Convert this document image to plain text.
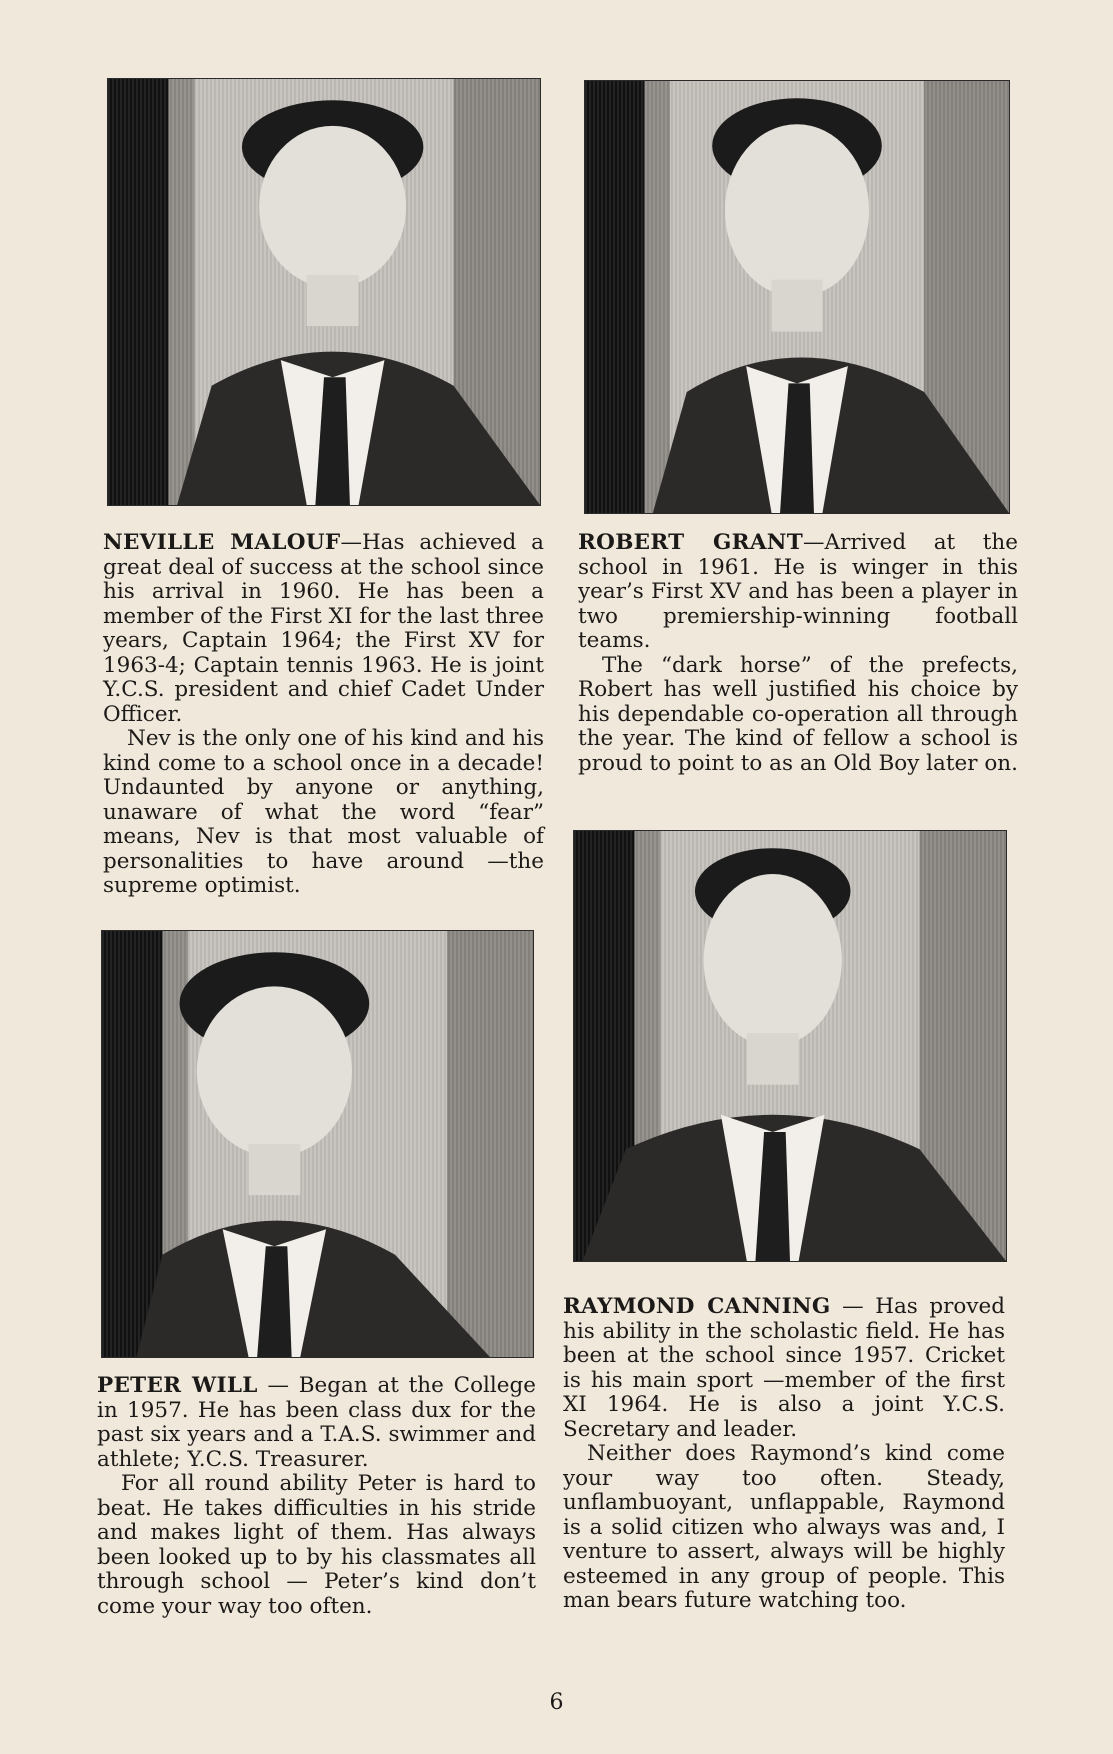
NEVILLE MALOUF—Has achieved a great deal of success at the school since his arrival in 1960. He has been a member of the First XI for the last three years, Captain 1964; the First XV for 1963-4; Captain tennis 1963. He is joint Y.C.S. president and chief Cadet Under Officer.

Nev is the only one of his kind and his kind come to a school once in a decade! Undaunted by anyone or anything, unaware of what the word “fear” means, Nev is that most valuable of personalities to have around —the supreme optimist.

ROBERT GRANT—Arrived at the school in 1961. He is winger in this year’s First XV and has been a player in two premiership-winning football teams.

The “dark horse” of the prefects, Robert has well justified his choice by his dependable co-operation all through the year. The kind of fellow a school is proud to point to as an Old Boy later on.

PETER WILL — Began at the College in 1957. He has been class dux for the past six years and a T.A.S. swimmer and athlete; Y.C.S. Treasurer.

For all round ability Peter is hard to beat. He takes difficulties in his stride and makes light of them. Has always been looked up to by his classmates all through school — Peter’s kind don’t come your way too often.

RAYMOND CANNING — Has proved his ability in the scholastic field. He has been at the school since 1957. Cricket is his main sport —member of the first XI 1964. He is also a joint Y.C.S. Secretary and leader.

Neither does Raymond’s kind come your way too often. Steady, unflambuoyant, unflappable, Raymond is a solid citizen who always was and, I venture to assert, always will be highly esteemed in any group of people. This man bears future watching too.

6
